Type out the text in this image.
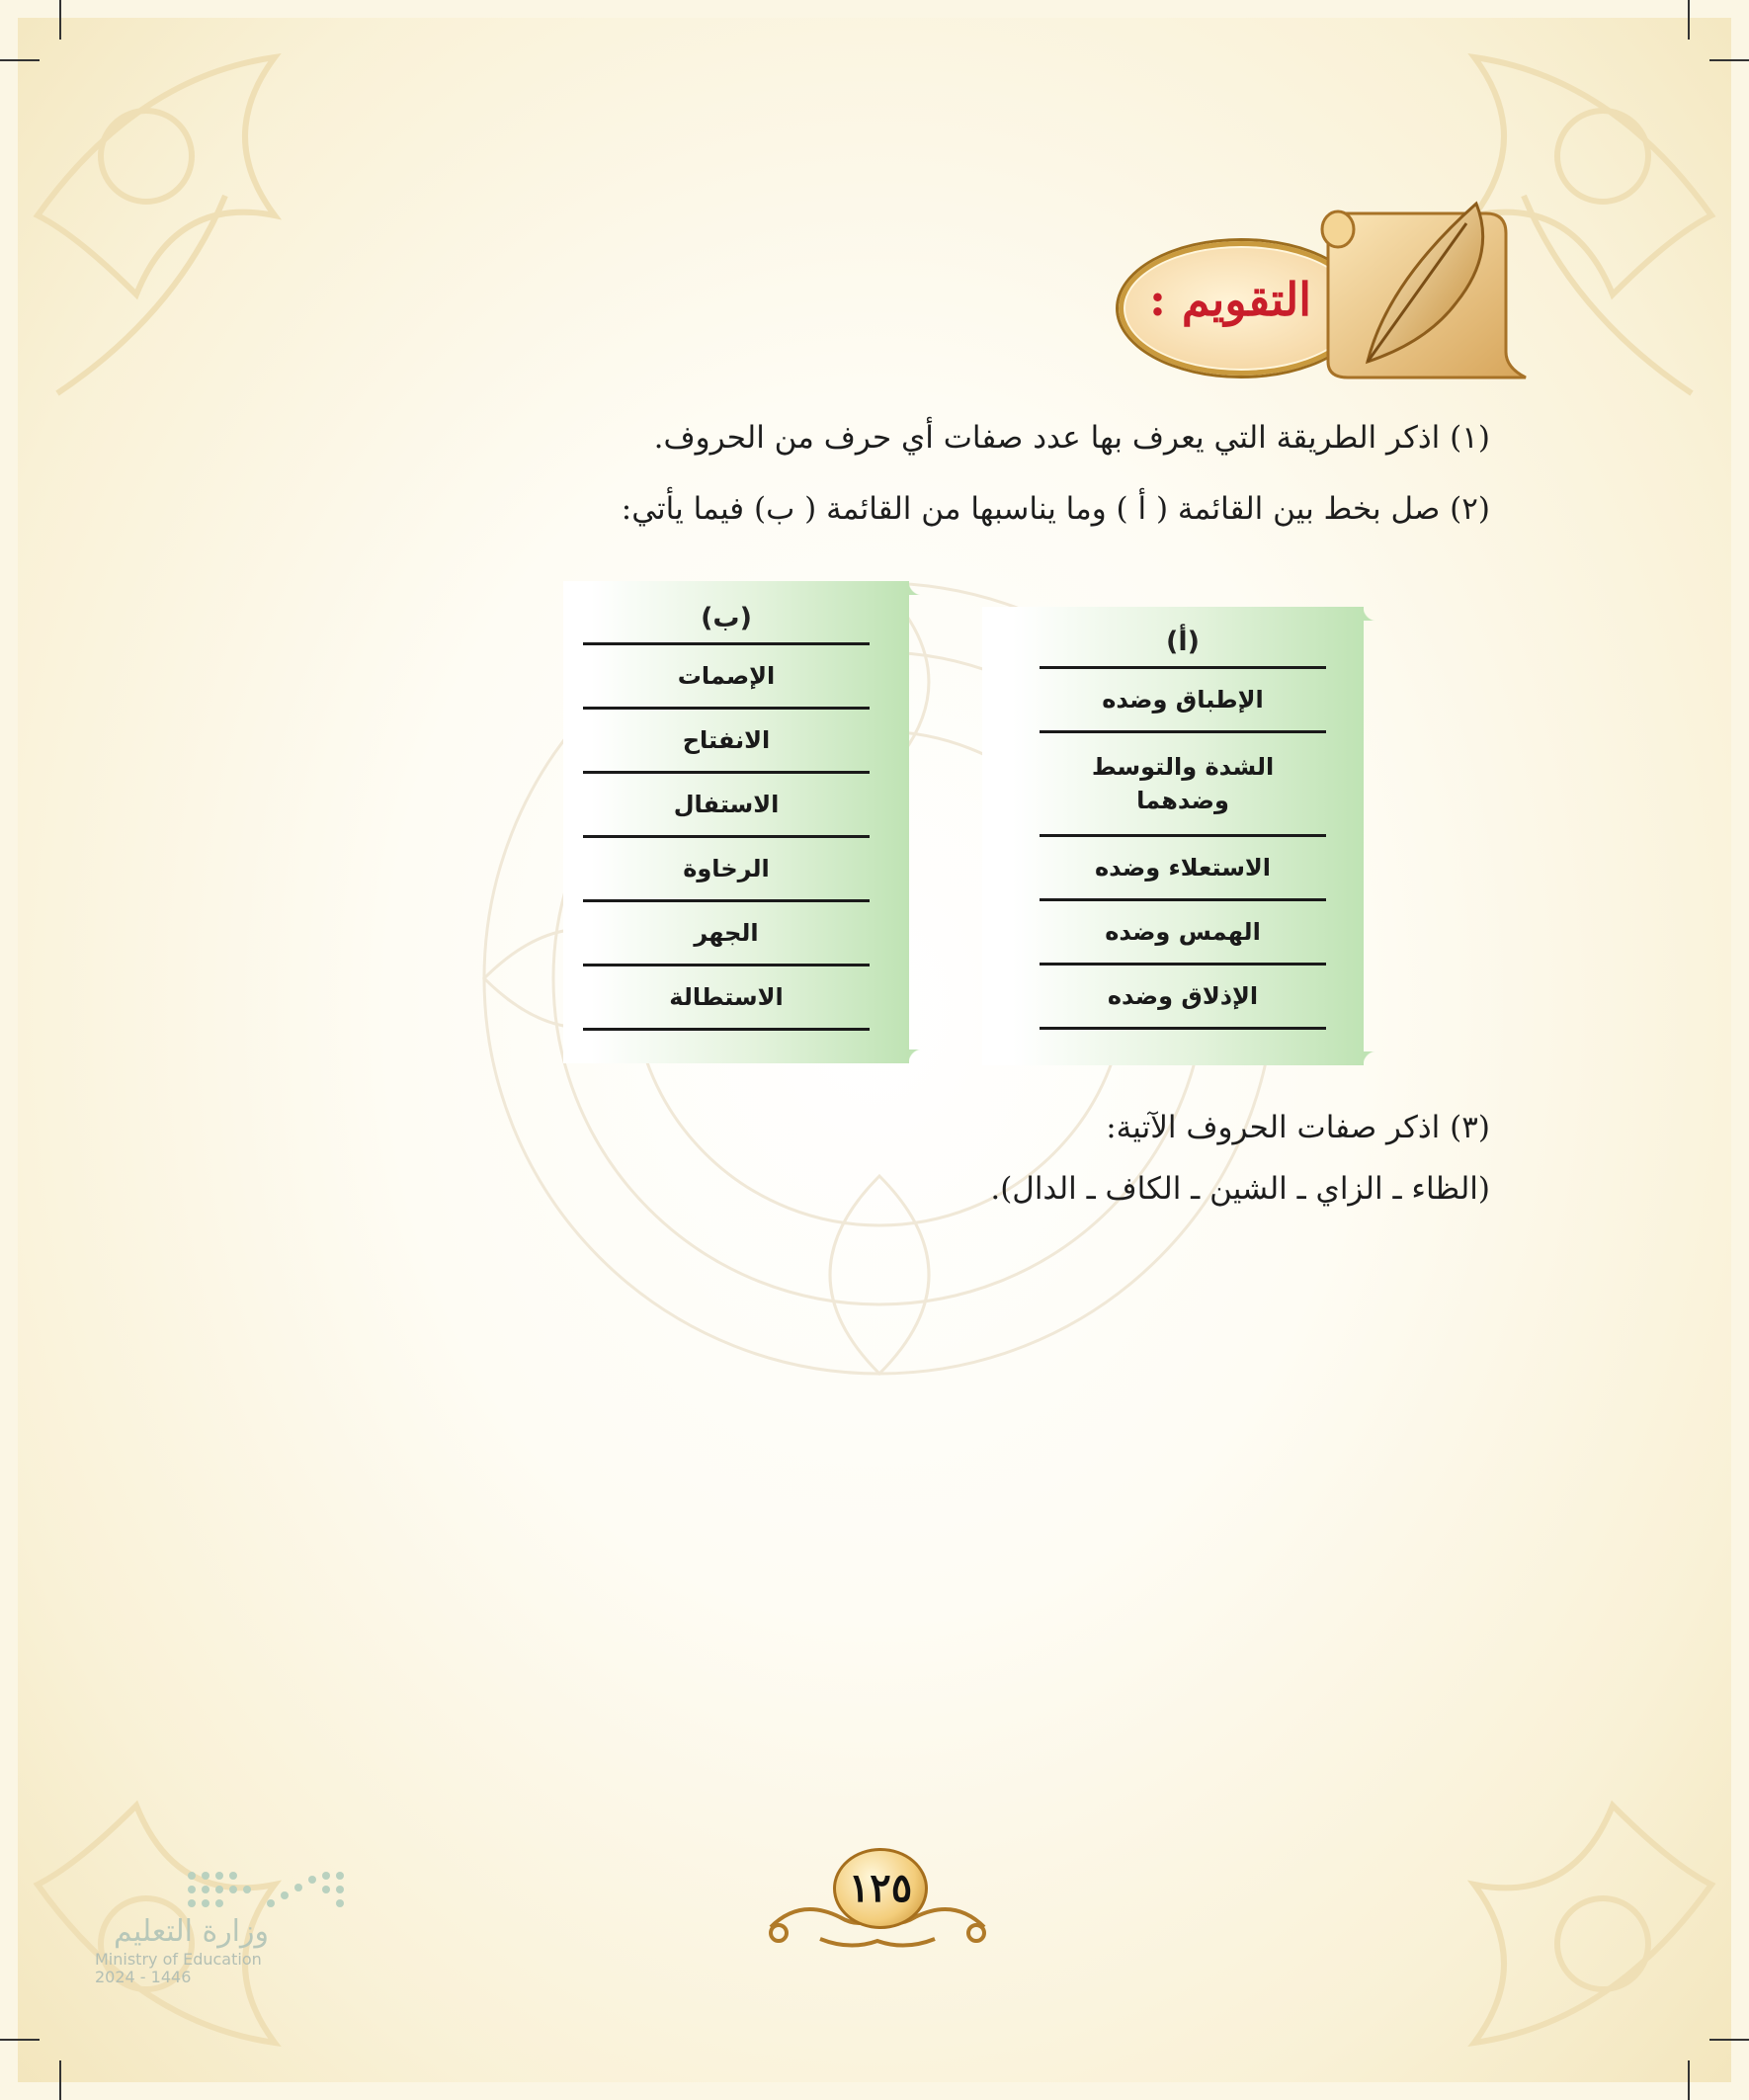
التقويم :
(١) اذكر الطريقة التي يعرف بها عدد صفات أي حرف من الحروف.
(٢) صل بخط بين القائمة ( أ ) وما يناسبها من القائمة ( ب) فيما يأتي:
(ب)
الإصمات
الانفتاح
الاستفال
الرخاوة
الجهر
الاستطالة
(أ)
الإطباق وضده
الشدة والتوسط
وضدهما
الاستعلاء وضده
الهمس وضده
الإذلاق وضده
(٣) اذكر صفات الحروف الآتية:
(الظاء ـ الزاي ـ الشين ـ الكاف ـ الدال).
١٢٥
وزارة التعليم
Ministry of Education
2024 - 1446
